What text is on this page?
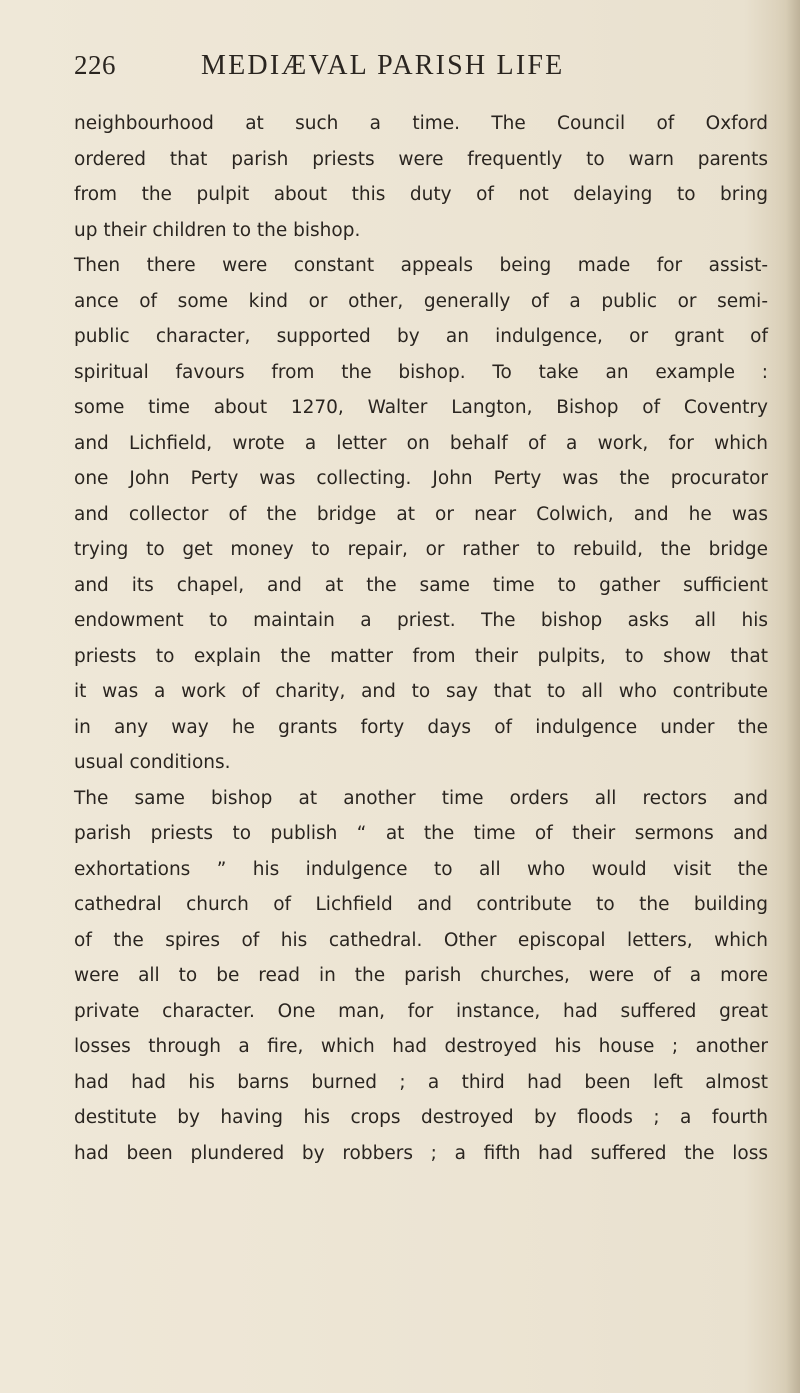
226	MEDIÆVAL PARISH LIFE
neighbourhood at such a time. The Council of Oxford
ordered that parish priests were frequently to warn parents
from the pulpit about this duty of not delaying to bring
up their children to the bishop.
Then there were constant appeals being made for assist-
ance of some kind or other, generally of a public or semi-
public character, supported by an indulgence, or grant of
spiritual favours from the bishop. To take an example :
some time about 1270, Walter Langton, Bishop of Coventry
and Lichfield, wrote a letter on behalf of a work, for which
one John Perty was collecting. John Perty was the procurator
and collector of the bridge at or near Colwich, and he was
trying to get money to repair, or rather to rebuild, the bridge
and its chapel, and at the same time to gather sufficient
endowment to maintain a priest. The bishop asks all his
priests to explain the matter from their pulpits, to show that
it was a work of charity, and to say that to all who contribute
in any way he grants forty days of indulgence under the
usual conditions.
The same bishop at another time orders all rectors and
parish priests to publish “ at the time of their sermons and
exhortations ” his indulgence to all who would visit the
cathedral church of Lichfield and contribute to the building
of the spires of his cathedral. Other episcopal letters, which
were all to be read in the parish churches, were of a more
private character. One man, for instance, had suffered great
losses through a fire, which had destroyed his house ; another
had had his barns burned ; a third had been left almost
destitute by having his crops destroyed by floods ; a fourth
had been plundered by robbers ; a fifth had suffered the loss
